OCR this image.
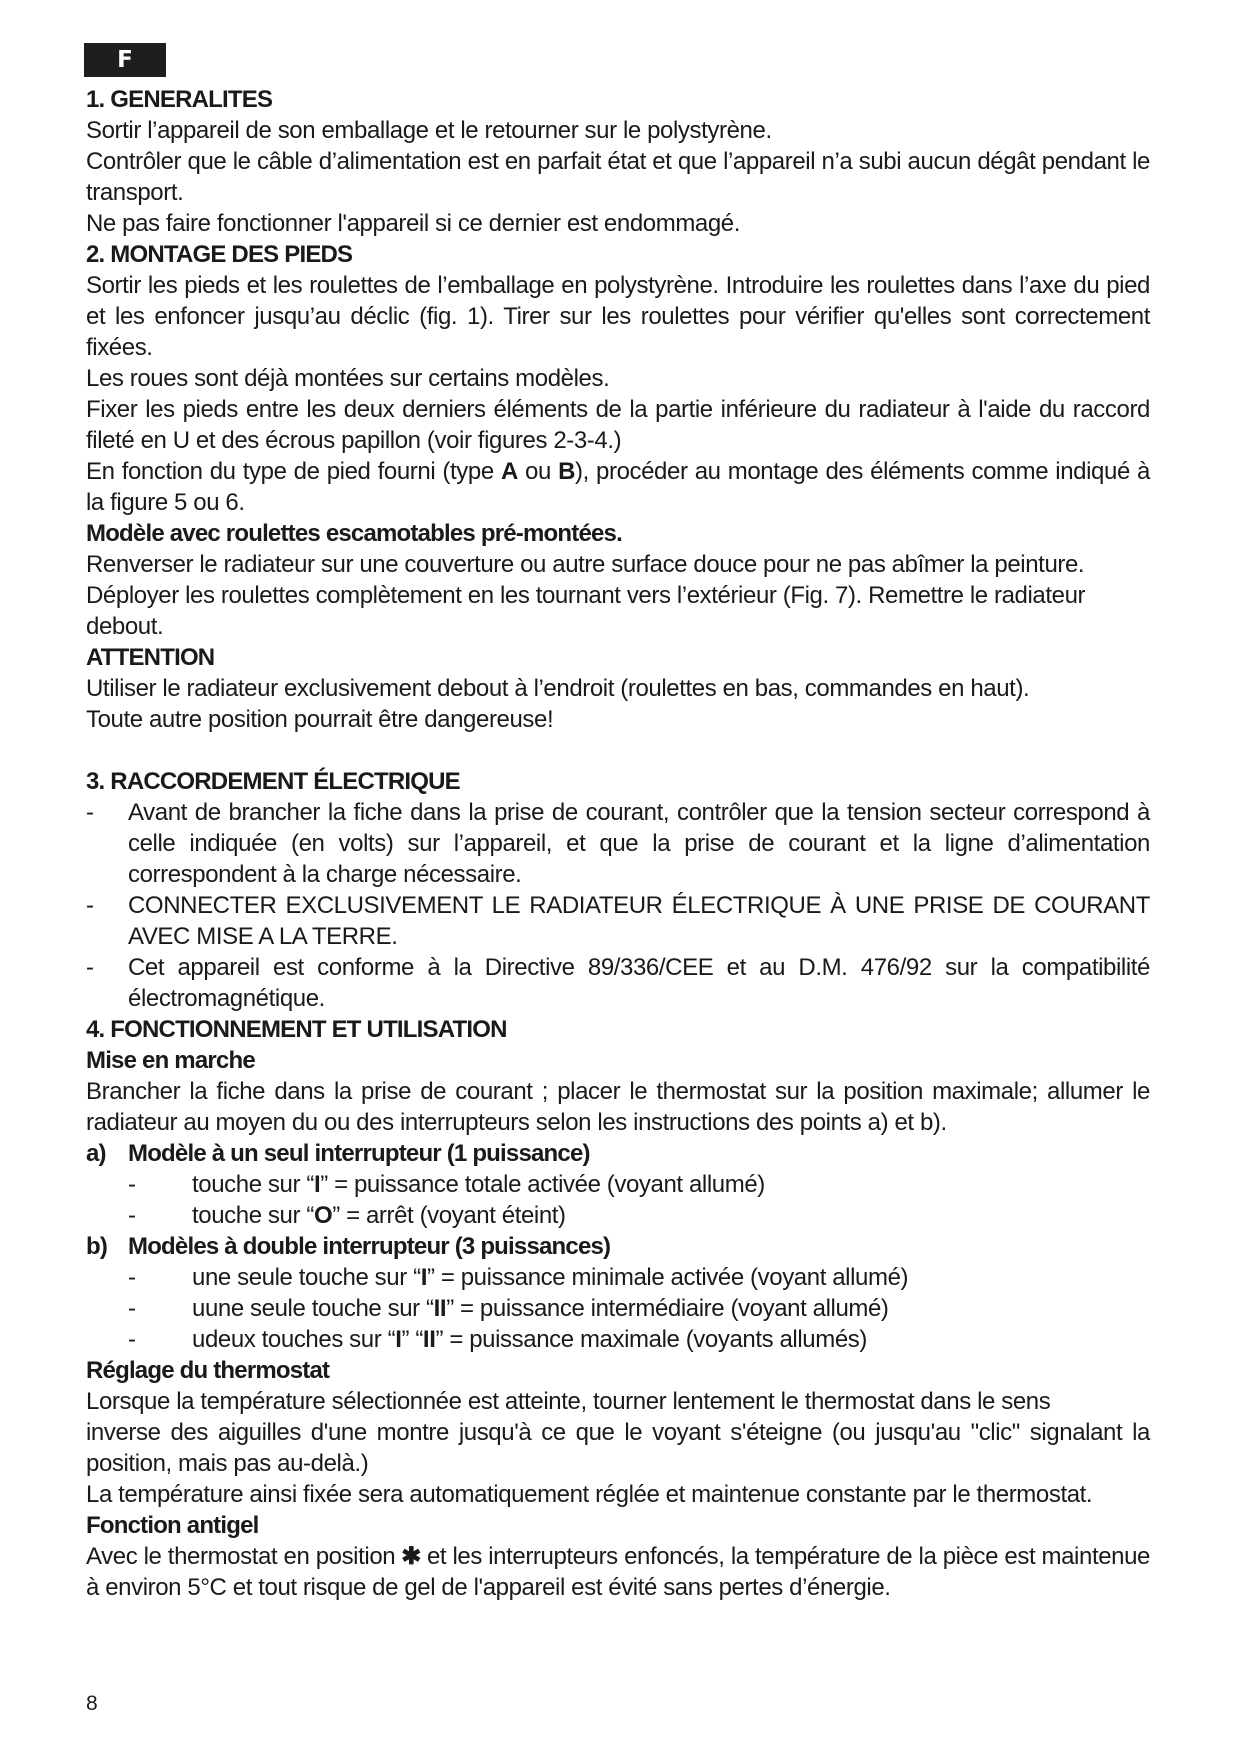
F

1. GENERALITES

Sortir l’appareil de son emballage et le retourner sur le polystyrène.

Contrôler que le câble d’alimentation est en parfait état et que l’appareil n’a subi aucun dégât pendant le transport.

Ne pas faire fonctionner l'appareil si ce dernier est endommagé.

2. MONTAGE DES PIEDS

Sortir les pieds et les roulettes de l’emballage en polystyrène. Introduire les roulettes dans l’axe du pied et les enfoncer jusqu’au déclic (fig. 1). Tirer sur les roulettes pour vérifier qu'elles sont correctement fixées.

Les roues sont déjà montées sur certains modèles.

Fixer les pieds entre les deux derniers éléments de la partie inférieure du radiateur à l'aide du raccord fileté en U et des écrous papillon (voir figures 2-3-4.)

En fonction du type de pied fourni (type A ou B), procéder au montage des éléments comme indiqué à la figure 5 ou 6.

Modèle avec roulettes escamotables pré-montées.

Renverser le radiateur sur une couverture ou autre surface douce pour ne pas abîmer la peinture.

Déployer les roulettes complètement en les tournant vers l’extérieur (Fig. 7). Remettre le radiateur debout.

ATTENTION

Utiliser le radiateur exclusivement debout à l’endroit (roulettes en bas, commandes en haut).

Toute autre position pourrait être dangereuse!

3. RACCORDEMENT ÉLECTRIQUE

- Avant de brancher la fiche dans la prise de courant, contrôler que la tension secteur correspond à celle indiquée (en volts) sur l’appareil, et que la prise de courant et la ligne d’alimentation correspondent à la charge nécessaire.
- CONNECTER EXCLUSIVEMENT LE RADIATEUR ÉLECTRIQUE À UNE PRISE DE COURANT AVEC MISE A LA TERRE.
- Cet appareil est conforme à la Directive 89/336/CEE et au D.M. 476/92 sur la compatibilité électromagnétique.

4. FONCTIONNEMENT ET UTILISATION

Mise en marche

Brancher la fiche dans la prise de courant ; placer le thermostat sur la position maximale; allumer le radiateur au moyen du ou des interrupteurs selon les instructions des points a) et b).

a) Modèle à un seul interrupteur (1 puissance)
- touche sur “I” = puissance totale activée (voyant allumé)
- touche sur “O” = arrêt (voyant éteint)
b) Modèles à double interrupteur (3 puissances)
- une seule touche sur “I” = puissance minimale activée (voyant allumé)
- uune seule touche sur “II” = puissance intermédiaire (voyant allumé)
- udeux touches sur “I” “II” = puissance maximale (voyants allumés)

Réglage du thermostat

Lorsque la température sélectionnée est atteinte, tourner lentement le thermostat dans le sens

inverse des aiguilles d'une montre jusqu'à ce que le voyant s'éteigne (ou jusqu'au "clic" signalant la position, mais pas au-delà.)

La température ainsi fixée sera automatiquement réglée et maintenue constante par le thermostat.

Fonction antigel

Avec le thermostat en position ✱ et les interrupteurs enfoncés, la température de la pièce est maintenue à environ 5°C et tout risque de gel de l'appareil est évité sans pertes d’énergie.

8
